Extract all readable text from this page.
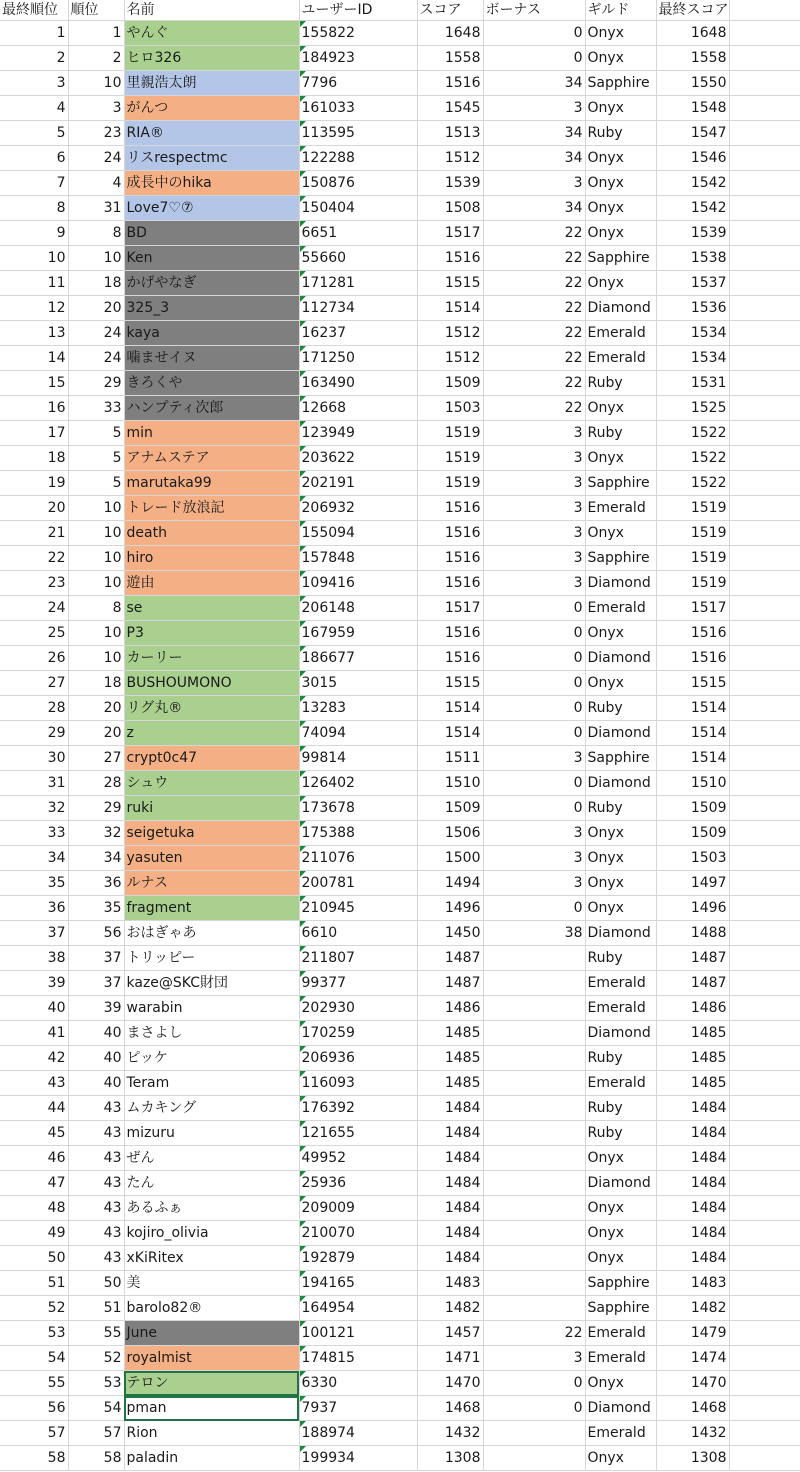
最終順位	順位	名前	ユーザーID	スコア	ボーナス	ギルド	最終スコア	
1	1	やんぐ	155822	1648	0	Onyx	1648	
2	2	ヒロ326	184923	1558	0	Onyx	1558	
3	10	里親浩太朗	7796	1516	34	Sapphire	1550	
4	3	がんつ	161033	1545	3	Onyx	1548	
5	23	RIA®	113595	1513	34	Ruby	1547	
6	24	リスrespectmc	122288	1512	34	Onyx	1546	
7	4	成長中のhika	150876	1539	3	Onyx	1542	
8	31	Love7♡⑦	150404	1508	34	Onyx	1542	
9	8	BD	6651	1517	22	Onyx	1539	
10	10	Ken	55660	1516	22	Sapphire	1538	
11	18	かげやなぎ	171281	1515	22	Onyx	1537	
12	20	325_3	112734	1514	22	Diamond	1536	
13	24	kaya	16237	1512	22	Emerald	1534	
14	24	噛ませイヌ	171250	1512	22	Emerald	1534	
15	29	きろくや	163490	1509	22	Ruby	1531	
16	33	ハンプティ次郎	12668	1503	22	Onyx	1525	
17	5	min	123949	1519	3	Ruby	1522	
18	5	アナムステア	203622	1519	3	Onyx	1522	
19	5	marutaka99	202191	1519	3	Sapphire	1522	
20	10	トレード放浪記	206932	1516	3	Emerald	1519	
21	10	death	155094	1516	3	Onyx	1519	
22	10	hiro	157848	1516	3	Sapphire	1519	
23	10	遊由	109416	1516	3	Diamond	1519	
24	8	se	206148	1517	0	Emerald	1517	
25	10	P3	167959	1516	0	Onyx	1516	
26	10	カーリー	186677	1516	0	Diamond	1516	
27	18	BUSHOUMONO	3015	1515	0	Onyx	1515	
28	20	リグ丸®	13283	1514	0	Ruby	1514	
29	20	z	74094	1514	0	Diamond	1514	
30	27	crypt0c47	99814	1511	3	Sapphire	1514	
31	28	シュウ	126402	1510	0	Diamond	1510	
32	29	ruki	173678	1509	0	Ruby	1509	
33	32	seigetuka	175388	1506	3	Onyx	1509	
34	34	yasuten	211076	1500	3	Onyx	1503	
35	36	ルナス	200781	1494	3	Onyx	1497	
36	35	fragment	210945	1496	0	Onyx	1496	
37	56	おはぎゃあ	6610	1450	38	Diamond	1488	
38	37	トリッピー	211807	1487		Ruby	1487	
39	37	kaze@SKC財団	99377	1487		Emerald	1487	
40	39	warabin	202930	1486		Emerald	1486	
41	40	まさよし	170259	1485		Diamond	1485	
42	40	ピッケ	206936	1485		Ruby	1485	
43	40	Teram	116093	1485		Emerald	1485	
44	43	ムカキング	176392	1484		Ruby	1484	
45	43	mizuru	121655	1484		Ruby	1484	
46	43	ぜん	49952	1484		Onyx	1484	
47	43	たん	25936	1484		Diamond	1484	
48	43	あるふぁ	209009	1484		Onyx	1484	
49	43	kojiro_olivia	210070	1484		Onyx	1484	
50	43	xKiRitex	192879	1484		Onyx	1484	
51	50	美	194165	1483		Sapphire	1483	
52	51	barolo82®	164954	1482		Sapphire	1482	
53	55	June	100121	1457	22	Emerald	1479	
54	52	royalmist	174815	1471	3	Emerald	1474	
55	53	テロン	6330	1470	0	Onyx	1470	
56	54	pman	7937	1468	0	Diamond	1468	
57	57	Rion	188974	1432		Emerald	1432	
58	58	paladin	199934	1308		Onyx	1308	
